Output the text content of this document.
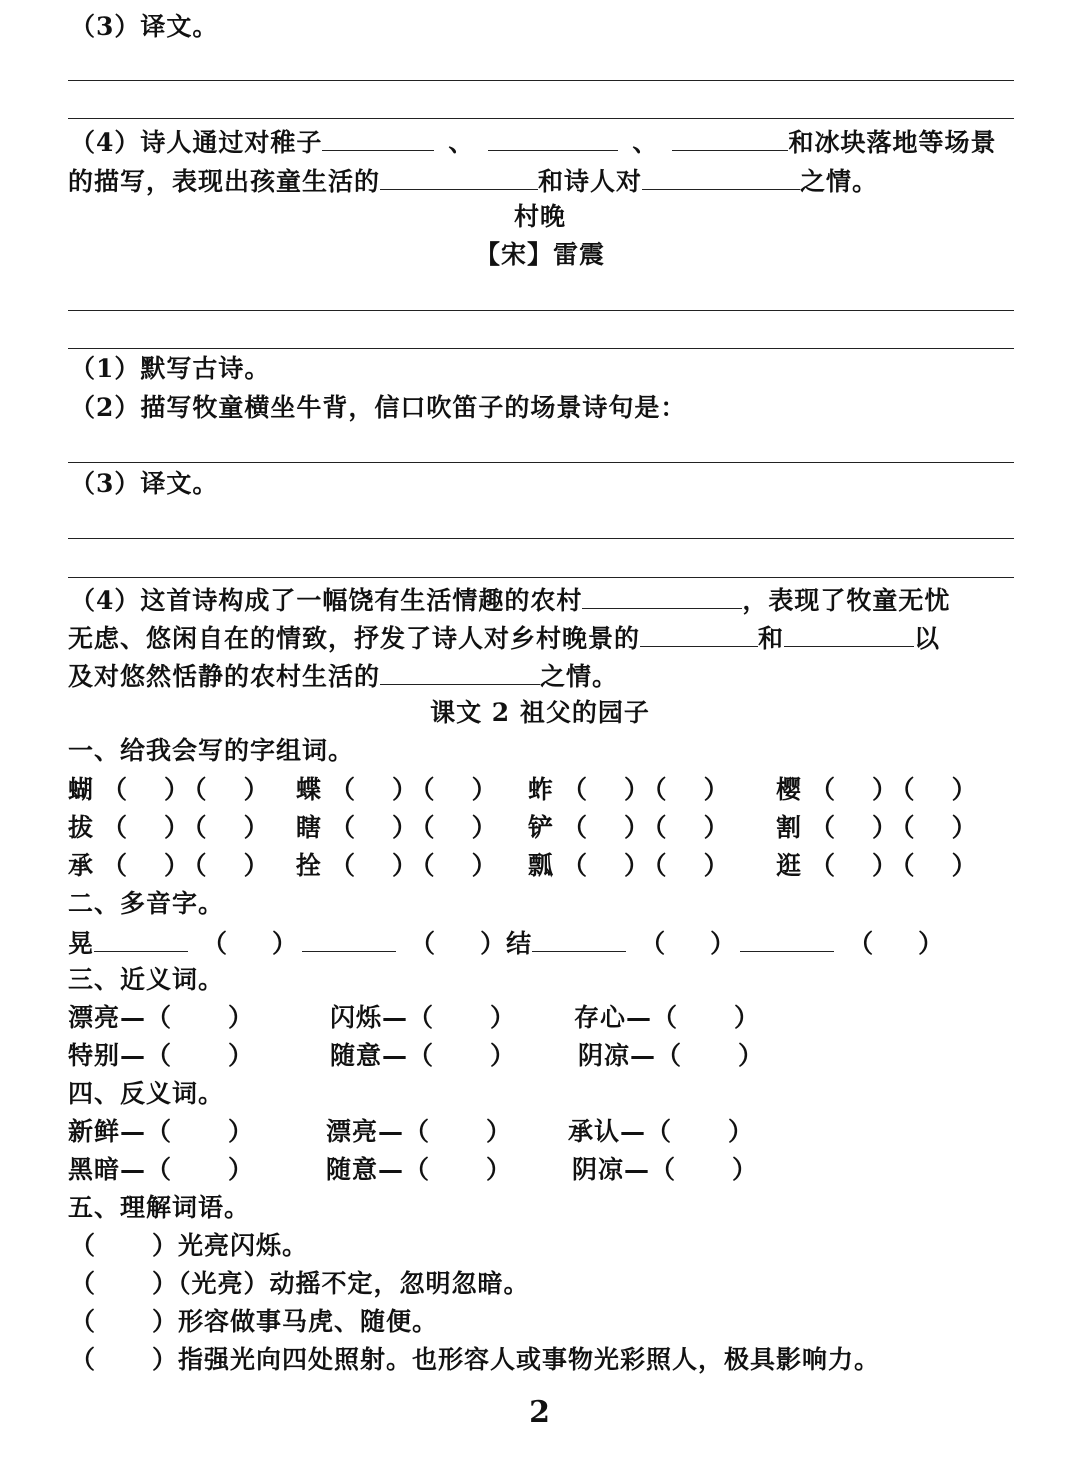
（3）译文。
（4）诗人通过对稚子	、	、	和冰块落地等场景
的描写，表现出孩童生活的	和诗人对	之情。
村晚
【宋】雷震
（1）默写古诗。
（2）描写牧童横坐牛背，信口吹笛子的场景诗句是：
（3）译文。
（4）这首诗构成了一幅饶有生活情趣的农村	，表现了牧童无忧
无虑、悠闲自在的情致，抒发了诗人对乡村晚景的	和	以
及对悠然恬静的农村生活的	之情。
课文 2 祖父的园子
一、给我会写的字组词。
蝴 （ ） （ ） 蝶 （ ） （ ） 蚱 （ ） （ ） 樱 （ ） （ ）
拔 （ ） （ ） 瞎 （ ） （ ） 铲 （ ） （ ） 割 （ ） （ ）
承 （ ） （ ） 拴 （ ） （ ） 瓢 （ ） （ ） 逛 （ ） （ ）
二、多音字。
晃	（ ）	（ ）结	（ ）	（ ）
三、近义词。
漂亮—（ ）	闪烁—（ ） 存心—（ ）
特别—（ ）	随意—（ ） 阴凉—（ ）
四、反义词。
新鲜—（ ）	漂亮—（ ） 承认—（ ）
黑暗—（ ）	随意—（ ） 阴凉—（ ）
五、理解词语。
（ ）光亮闪烁。
（ ）（光亮）动摇不定，忽明忽暗。
（ ）形容做事马虎、随便。
（ ）指强光向四处照射。也形容人或事物光彩照人，极具影响力。
2
